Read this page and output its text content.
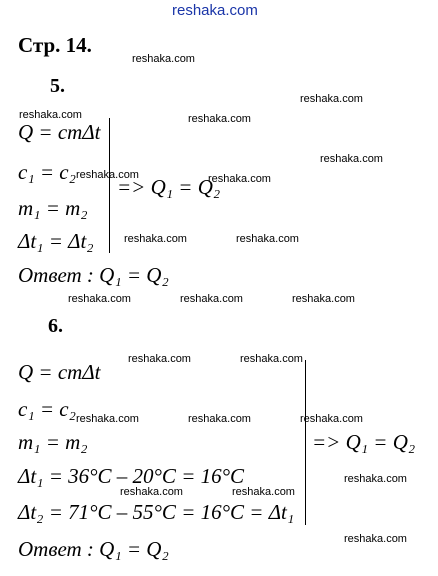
reshaka.com
Стр. 14.
5.
Q = cmΔt
c₁ = c₂
m₁ = m₂
Δt₁ = Δt₂
=> Q₁ = Q₂
Ответ : Q₁ = Q₂
6.
Q = cmΔt
c₁ = c₂
m₁ = m₂
Δt₁ = 36°C – 20°C = 16°C
Δt₂ = 71°C – 55°C = 16°C = Δt₁
=> Q₁ = Q₂
Ответ : Q₁ = Q₂
reshaka.com
reshaka.com
reshaka.com	reshaka.com
reshaka.com
reshaka.com	reshaka.com
reshaka.com	reshaka.com
reshaka.com	reshaka.com	reshaka.com
reshaka.com	reshaka.com
reshaka.com	reshaka.com	reshaka.com
reshaka.com
reshaka.com	reshaka.com
reshaka.com
